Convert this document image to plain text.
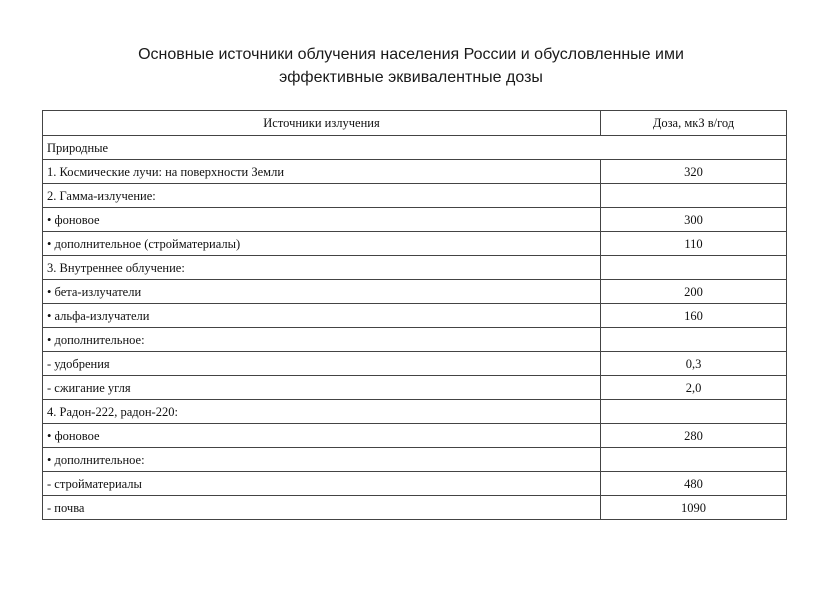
Основные источники облучения населения России и обусловленные ими
эффективные эквивалентные дозы
Источники излучения	Доза, мкЗ в/год
Природные	
1. Космические лучи: на поверхности Земли	320
2. Гамма-излучение:	
• фоновое	300
• дополнительное (стройматериалы)	110
3. Внутреннее облучение:	
• бета-излучатели	200
• альфа-излучатели	160
• дополнительное:	
- удобрения	0,3
- сжигание угля	2,0
4. Радон-222, радон-220:	
• фоновое	280
• дополнительное:	
- стройматериалы	480
- почва	1090
